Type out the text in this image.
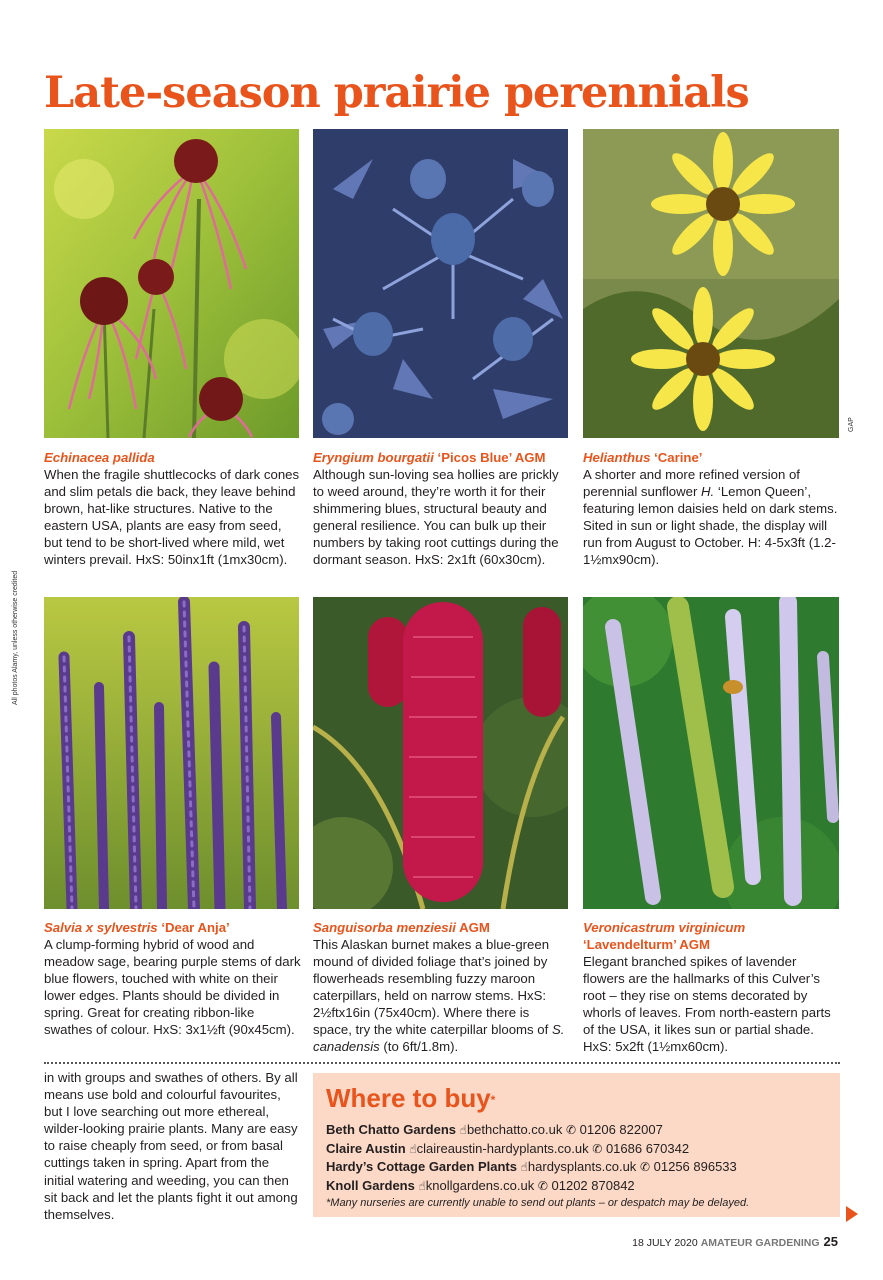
Late-season prairie perennials
All photos Alamy, unless otherwise credited
GAP
Echinacea pallida
When the fragile shuttlecocks of dark cones and slim petals die back, they leave behind brown, hat-like structures. Native to the eastern USA, plants are easy from seed, but tend to be short-lived where mild, wet winters prevail. HxS: 50inx1ft (1mx30cm).
Eryngium bourgatii ‘Picos Blue’ AGM
Although sun-loving sea hollies are prickly to weed around, they’re worth it for their shimmering blues, structural beauty and general resilience. You can bulk up their numbers by taking root cuttings during the dormant season. HxS: 2x1ft (60x30cm).
Helianthus ‘Carine’
A shorter and more refined version of perennial sunflower H. ‘Lemon Queen’, featuring lemon daisies held on dark stems. Sited in sun or light shade, the display will run from August to October. H: 4-5x3ft (1.2-1½mx90cm).
Salvia x sylvestris ‘Dear Anja’
A clump-forming hybrid of wood and meadow sage, bearing purple stems of dark blue flowers, touched with white on their lower edges. Plants should be divided in spring. Great for creating ribbon-like swathes of colour. HxS: 3x1½ft (90x45cm).
Sanguisorba menziesii AGM
This Alaskan burnet makes a blue-green mound of divided foliage that’s joined by flowerheads resembling fuzzy maroon caterpillars, held on narrow stems. HxS: 2½ftx16in (75x40cm). Where there is space, try the white caterpillar blooms of S. canadensis (to 6ft/1.8m).
Veronicastrum virginicum
‘Lavendelturm’ AGM
Elegant branched spikes of lavender flowers are the hallmarks of this Culver’s root – they rise on stems decorated by whorls of leaves. From north-eastern parts of the USA, it likes sun or partial shade. HxS: 5x2ft (1½mx60cm).
in with groups and swathes of others. By all means use bold and colourful favourites, but I love searching out more ethereal, wilder-looking prairie plants. Many are easy to raise cheaply from seed, or from basal cuttings taken in spring. Apart from the initial watering and weeding, you can then sit back and let the plants fight it out among themselves.
Where to buy*
Beth Chatto Gardens ☝bethchatto.co.uk ✆ 01206 822007
Claire Austin ☝claireaustin-hardyplants.co.uk ✆ 01686 670342
Hardy’s Cottage Garden Plants ☝hardysplants.co.uk ✆ 01256 896533
Knoll Gardens ☝knollgardens.co.uk ✆ 01202 870842
*Many nurseries are currently unable to send out plants – or despatch may be delayed.
18 JULY 2020 AMATEUR GARDENING 25
